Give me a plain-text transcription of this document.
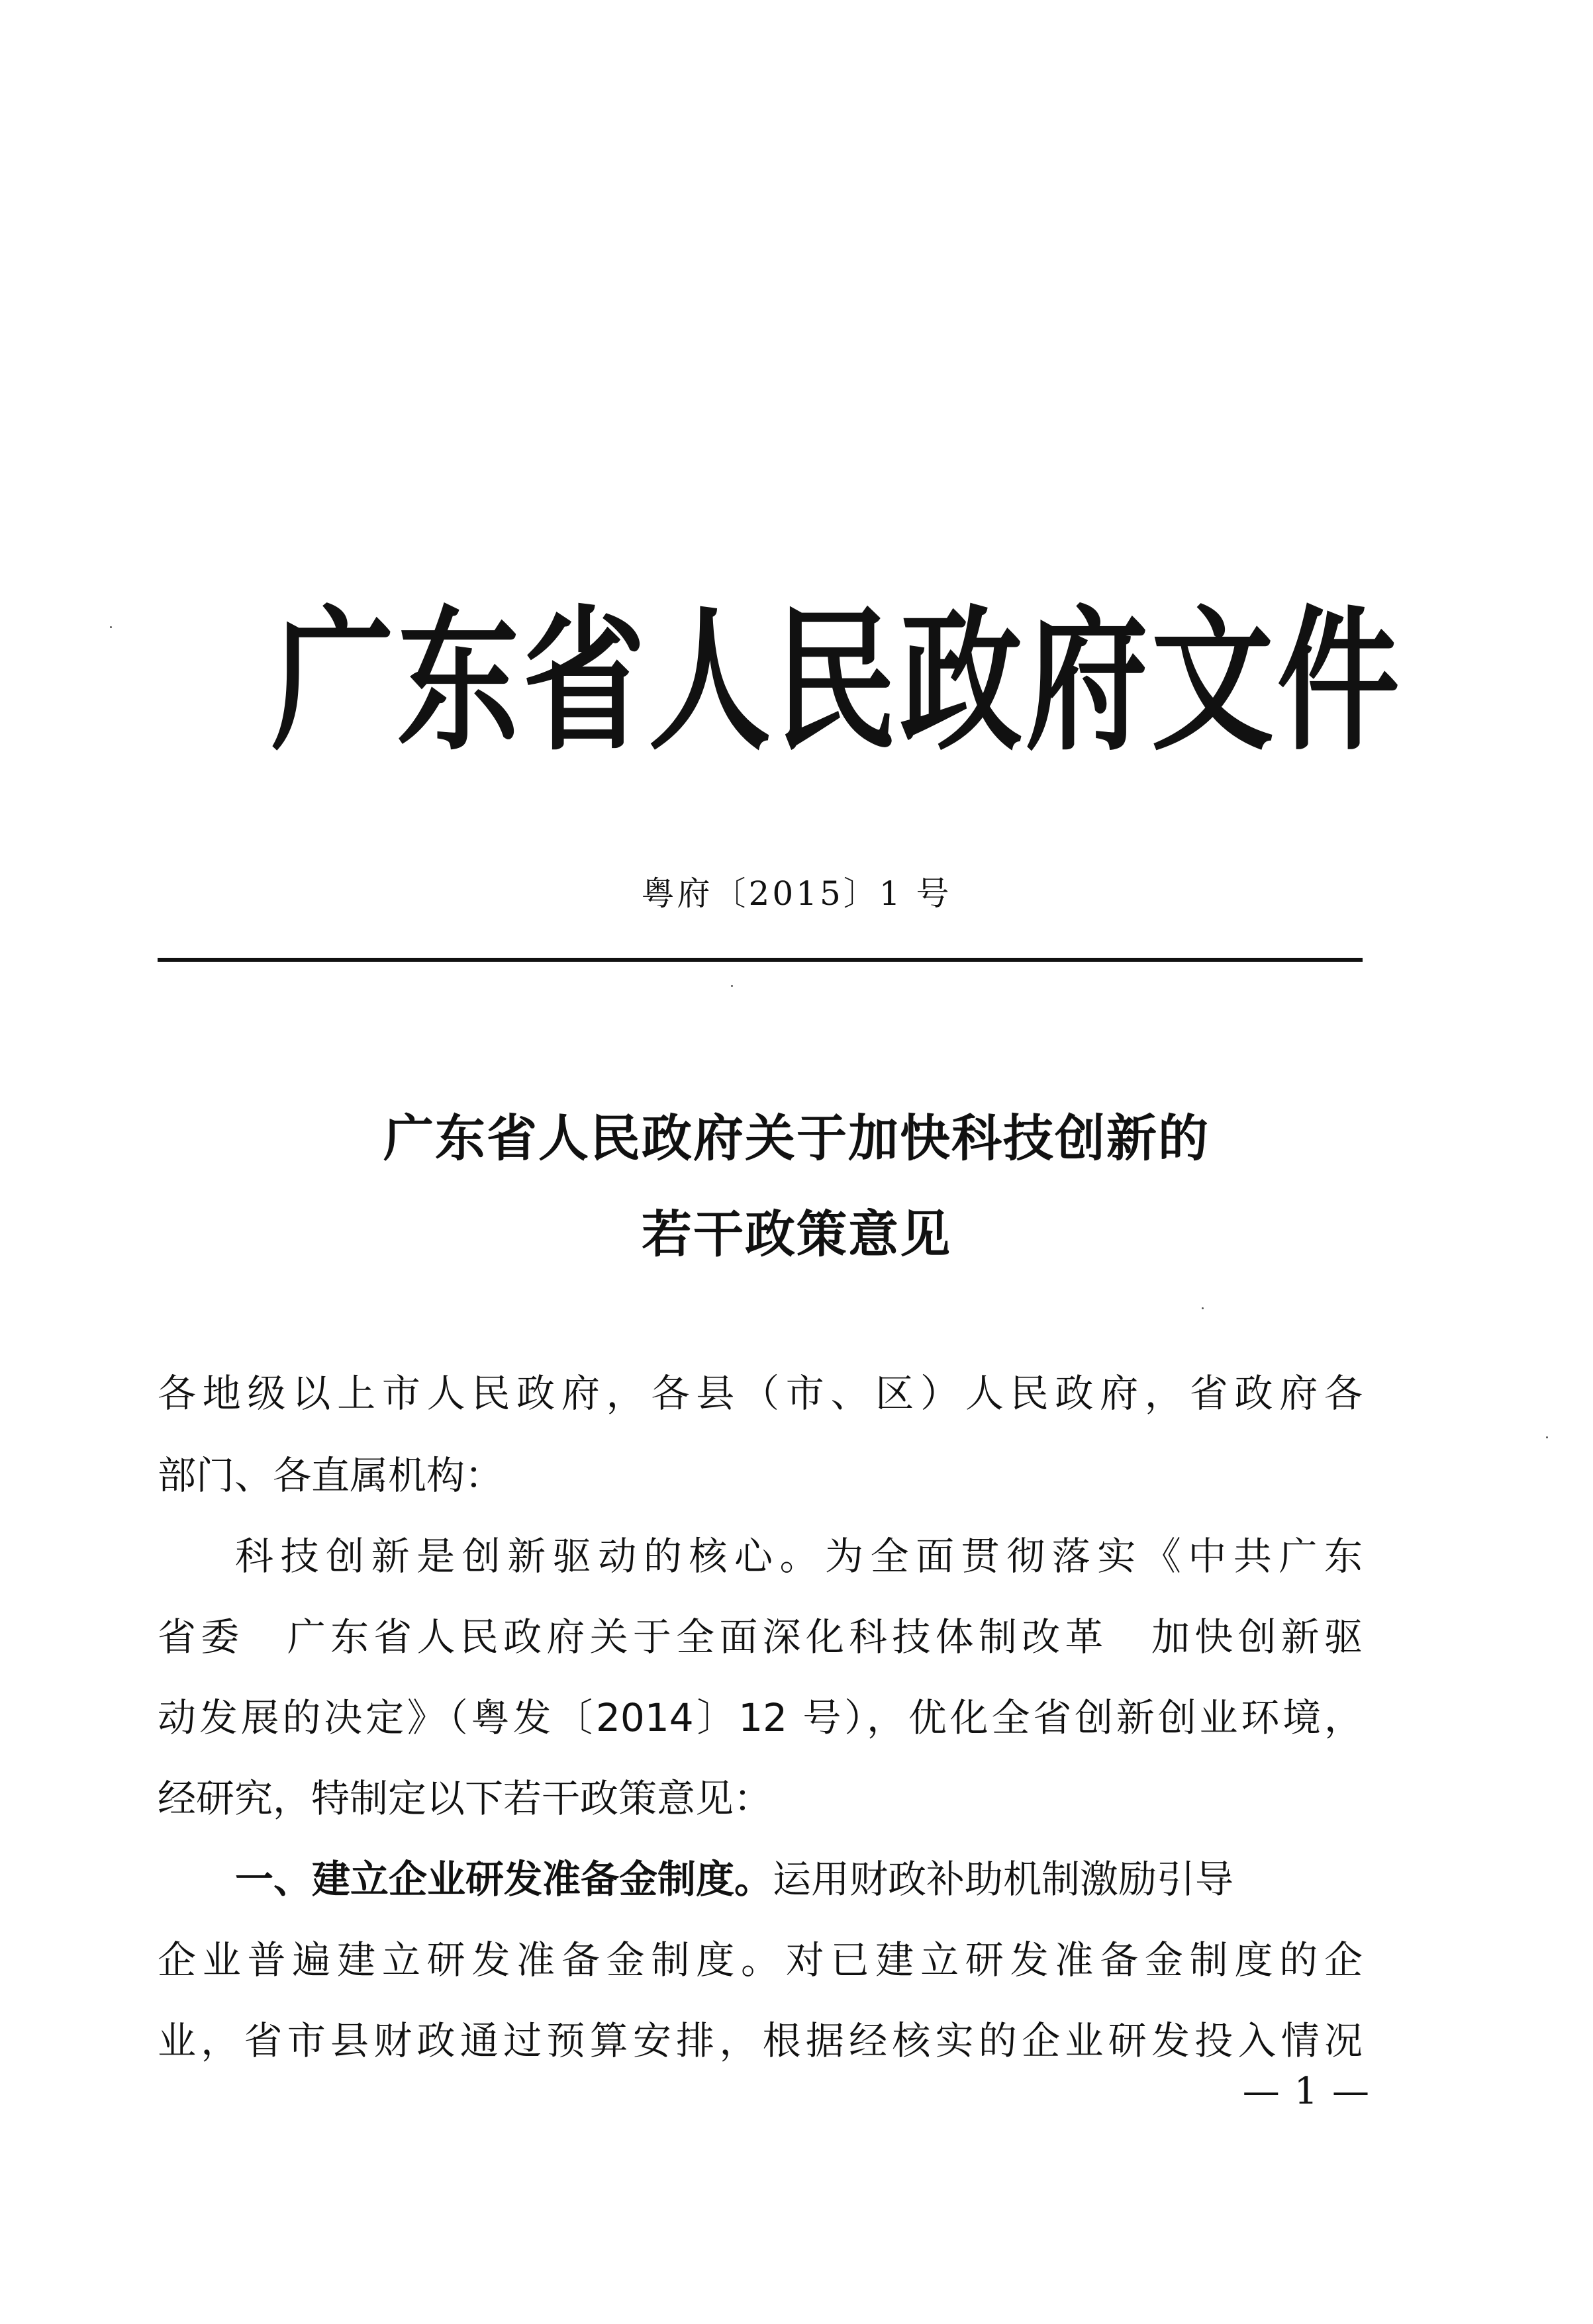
广东省人民政府文件
粤府〔2015〕1 号
广东省人民政府关于加快科技创新的
若干政策意见
各地级以上市人民政府，各县（市、区）人民政府，省政府各
部门、各直属机构：
科技创新是创新驱动的核心。为全面贯彻落实《中共广东
省委　广东省人民政府关于全面深化科技体制改革　加快创新驱
动发展的决定》（粤发〔2014〕12 号），优化全省创新创业环境，
经研究，特制定以下若干政策意见：
一、建立企业研发准备金制度。运用财政补助机制激励引导
企业普遍建立研发准备金制度。对已建立研发准备金制度的企
业，省市县财政通过预算安排，根据经核实的企业研发投入情况
— 1 —
